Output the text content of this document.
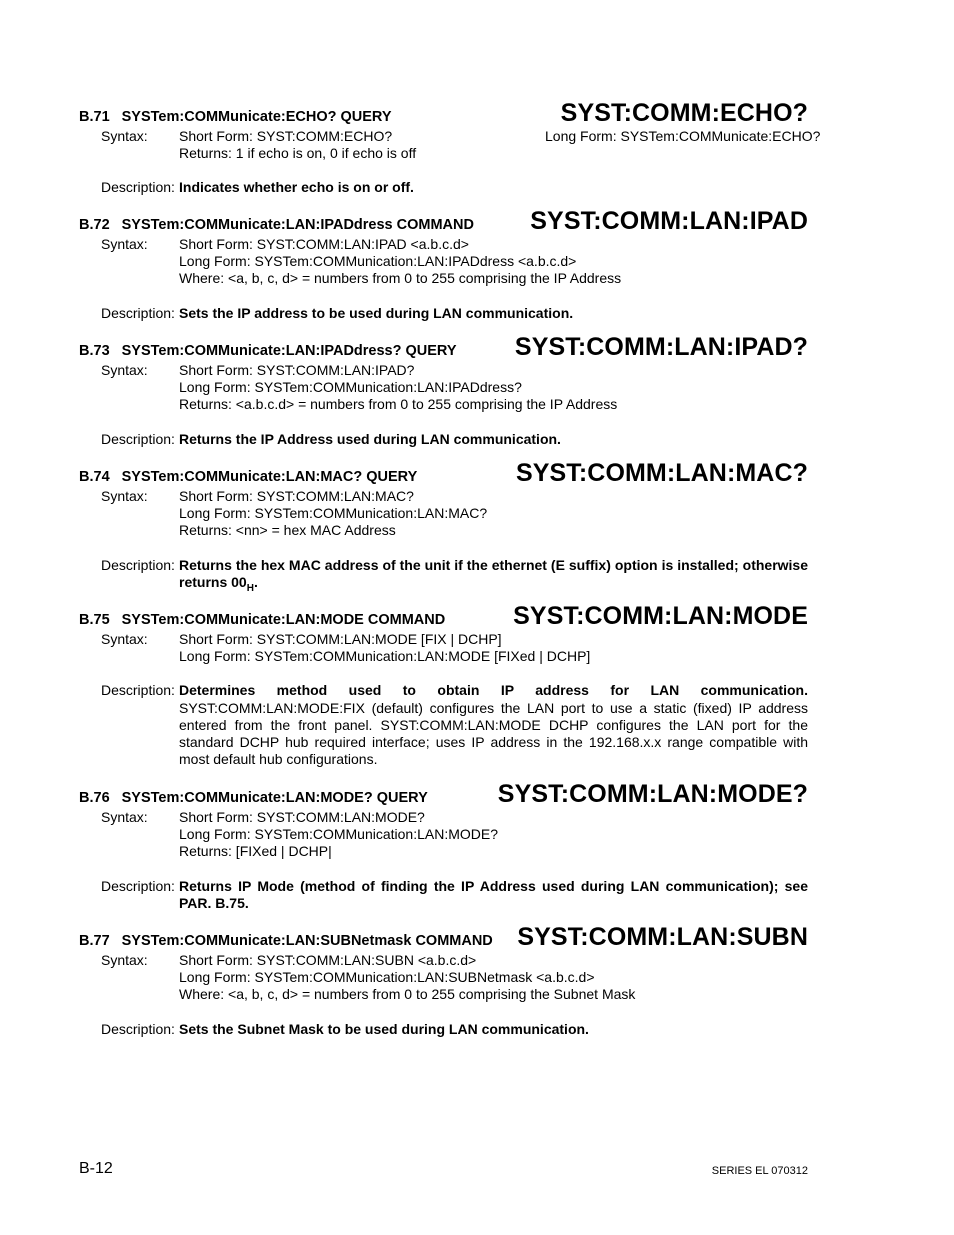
B.71 SYSTem:COMMunicate:ECHO? QUERY	SYST:COMM:ECHO?
Syntax: Short Form: SYST:COMM:ECHO?	Long Form: SYSTem:COMMunicate:ECHO?
Returns: 1 if echo is on, 0 if echo is off
Description: Indicates whether echo is on or off.
B.72 SYSTem:COMMunicate:LAN:IPADdress COMMAND SYST:COMM:LAN:IPAD
Syntax: Short Form: SYST:COMM:LAN:IPAD <a.b.c.d>
Long Form: SYSTem:COMMunication:LAN:IPADdress <a.b.c.d>
Where: <a, b, c, d> = numbers from 0 to 255 comprising the IP Address
Description: Sets the IP address to be used during LAN communication.
B.73 SYSTem:COMMunicate:LAN:IPADdress? QUERY SYST:COMM:LAN:IPAD?
Syntax: Short Form: SYST:COMM:LAN:IPAD?
Long Form: SYSTem:COMMunication:LAN:IPADdress?
Returns: <a.b.c.d> = numbers from 0 to 255 comprising the IP Address
Description: Returns the IP Address used during LAN communication.
B.74 SYSTem:COMMunicate:LAN:MAC? QUERY	SYST:COMM:LAN:MAC?
Syntax: Short Form: SYST:COMM:LAN:MAC?
Long Form: SYSTem:COMMunication:LAN:MAC?
Returns: <nn> = hex MAC Address
Description: Returns the hex MAC address of the unit if the ethernet (E suffix) option is installed; otherwise returns $00_H$.
B.75 SYSTem:COMMunicate:LAN:MODE COMMAND	SYST:COMM:LAN:MODE
Syntax: Short Form: SYST:COMM:LAN:MODE [FIX | DCHP]
Long Form: SYSTem:COMMunication:LAN:MODE [FIXed | DCHP]
Description: Determines method used to obtain IP address for LAN communication. SYST:COMM:LAN:MODE:FIX (default) configures the LAN port to use a static (fixed) IP address entered from the front panel. SYST:COMM:LAN:MODE DCHP configures the LAN port for the standard DCHP hub required interface; uses IP address in the 192.168.x.x range compatible with most default hub configurations.
B.76 SYSTem:COMMunicate:LAN:MODE? QUERY	SYST:COMM:LAN:MODE?
Syntax: Short Form: SYST:COMM:LAN:MODE?
Long Form: SYSTem:COMMunication:LAN:MODE?
Returns: [FIXed | DCHP|
Description: Returns IP Mode (method of finding the IP Address used during LAN communication); see PAR. B.75.
B.77 SYSTem:COMMunicate:LAN:SUBNetmask COMMAND SYST:COMM:LAN:SUBN
Syntax: Short Form: SYST:COMM:LAN:SUBN <a.b.c.d>
Long Form: SYSTem:COMMunication:LAN:SUBNetmask <a.b.c.d>
Where: <a, b, c, d> = numbers from 0 to 255 comprising the Subnet Mask
Description: Sets the Subnet Mask to be used during LAN communication.
B-12	SERIES EL 070312
